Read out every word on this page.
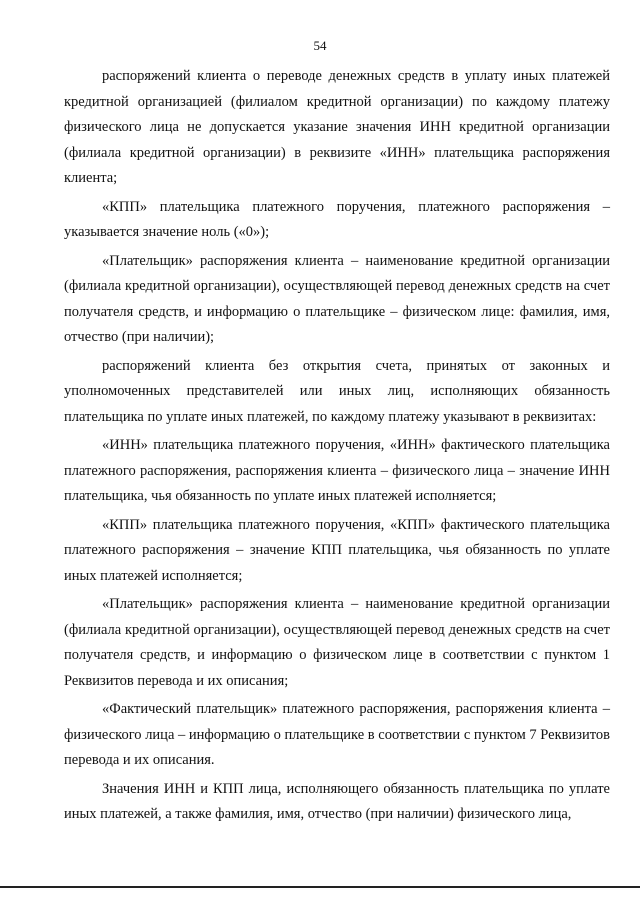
54

распоряжений клиента о переводе денежных средств в уплату иных платежей кредитной организацией (филиалом кредитной организации) по каждому платежу физического лица не допускается указание значения ИНН кредитной организации (филиала кредитной организации) в реквизите «ИНН» плательщика распоряжения клиента;

«КПП» плательщика платежного поручения, платежного распоряжения – указывается значение ноль («0»);

«Плательщик» распоряжения клиента – наименование кредитной организации (филиала кредитной организации), осуществляющей перевод денежных средств на счет получателя средств, и информацию о плательщике – физическом лице: фамилия, имя, отчество (при наличии);

распоряжений клиента без открытия счета, принятых от законных и уполномоченных представителей или иных лиц, исполняющих обязанность плательщика по уплате иных платежей, по каждому платежу указывают в реквизитах:

«ИНН» плательщика платежного поручения, «ИНН» фактического плательщика платежного распоряжения, распоряжения клиента – физического лица – значение ИНН плательщика, чья обязанность по уплате иных платежей исполняется;

«КПП» плательщика платежного поручения, «КПП» фактического плательщика платежного распоряжения – значение КПП плательщика, чья обязанность по уплате иных платежей исполняется;

«Плательщик» распоряжения клиента – наименование кредитной организации (филиала кредитной организации), осуществляющей перевод денежных средств на счет получателя средств, и информацию о физическом лице в соответствии с пунктом 1 Реквизитов перевода и их описания;

«Фактический плательщик» платежного распоряжения, распоряжения клиента – физического лица – информацию о плательщике в соответствии с пунктом 7 Реквизитов перевода и их описания.

Значения ИНН и КПП лица, исполняющего обязанность плательщика по уплате иных платежей, а также фамилия, имя, отчество (при наличии) физического лица,
